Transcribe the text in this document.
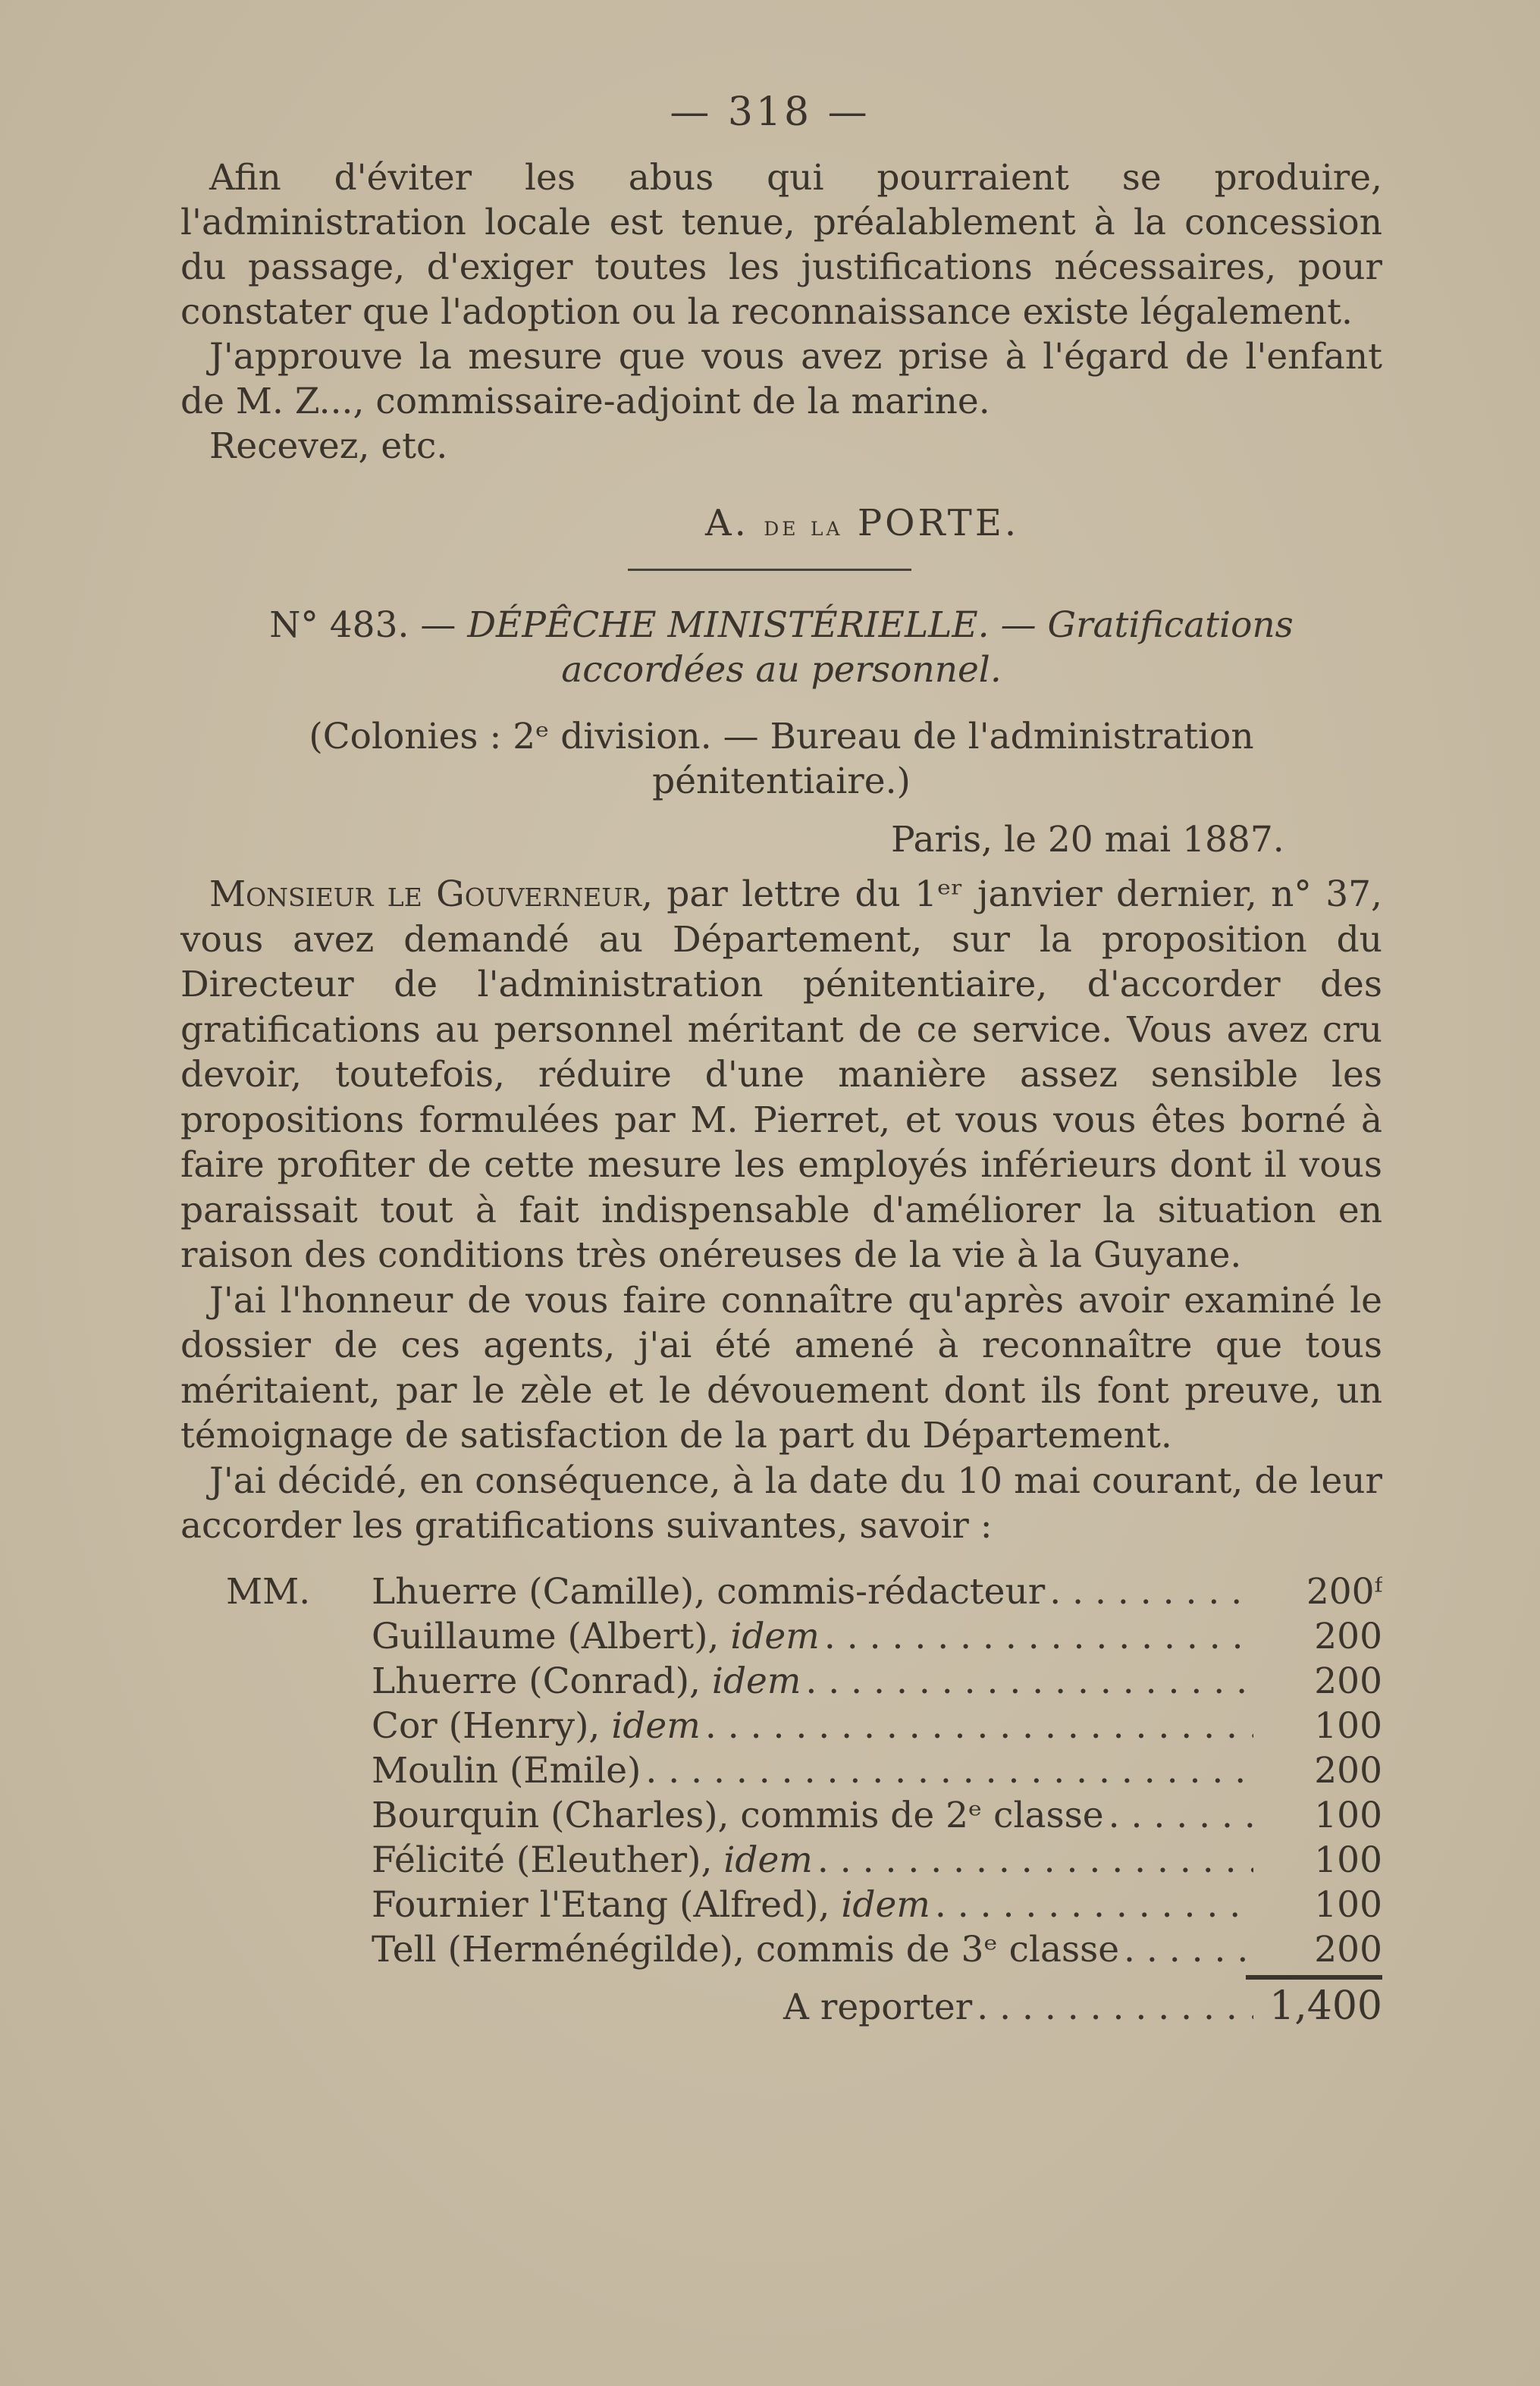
— 318 —

Afin d'éviter les abus qui pourraient se produire, l'administration locale est tenue, préalablement à la concession du passage, d'exiger toutes les justifications nécessaires, pour constater que l'adoption ou la reconnaissance existe légalement.

J'approuve la mesure que vous avez prise à l'égard de l'enfant de M. Z..., commissaire-adjoint de la marine.

Recevez, etc.

A. de la PORTE.
N° 483. — DÉPÊCHE MINISTÉRIELLE. — Gratifications
accordées au personnel.
(Colonies : 2ᵉ division. — Bureau de l'administration
pénitentiaire.)
Paris, le 20 mai 1887.

Monsieur le Gouverneur, par lettre du 1ᵉʳ janvier dernier, n° 37, vous avez demandé au Département, sur la proposition du Directeur de l'administration pénitentiaire, d'accorder des gratifications au personnel méritant de ce service. Vous avez cru devoir, toutefois, réduire d'une manière assez sensible les propositions formulées par M. Pierret, et vous vous êtes borné à faire profiter de cette mesure les employés inférieurs dont il vous paraissait tout à fait indispensable d'améliorer la situation en raison des conditions très onéreuses de la vie à la Guyane.

J'ai l'honneur de vous faire connaître qu'après avoir examiné le dossier de ces agents, j'ai été amené à reconnaître que tous méritaient, par le zèle et le dévouement dont ils font preuve, un témoignage de satisfaction de la part du Département.

J'ai décidé, en conséquence, à la date du 10 mai courant, de leur accorder les gratifications suivantes, savoir :

MM.	Lhuerre (Camille), commis-rédacteur . . .	200ᶠ
Guillaume (Albert), idem . . .	200
Lhuerre (Conrad), idem . . .	200
Cor (Henry), idem . . .	100
Moulin (Emile) . . .	200
Bourquin (Charles), commis de 2ᵉ classe . . .	100
Félicité (Eleuther), idem . . .	100
Fournier l'Etang (Alfred), idem . . .	100
Tell (Herménégilde), commis de 3ᵉ classe . . .	200
A reporter . . .	1,400
